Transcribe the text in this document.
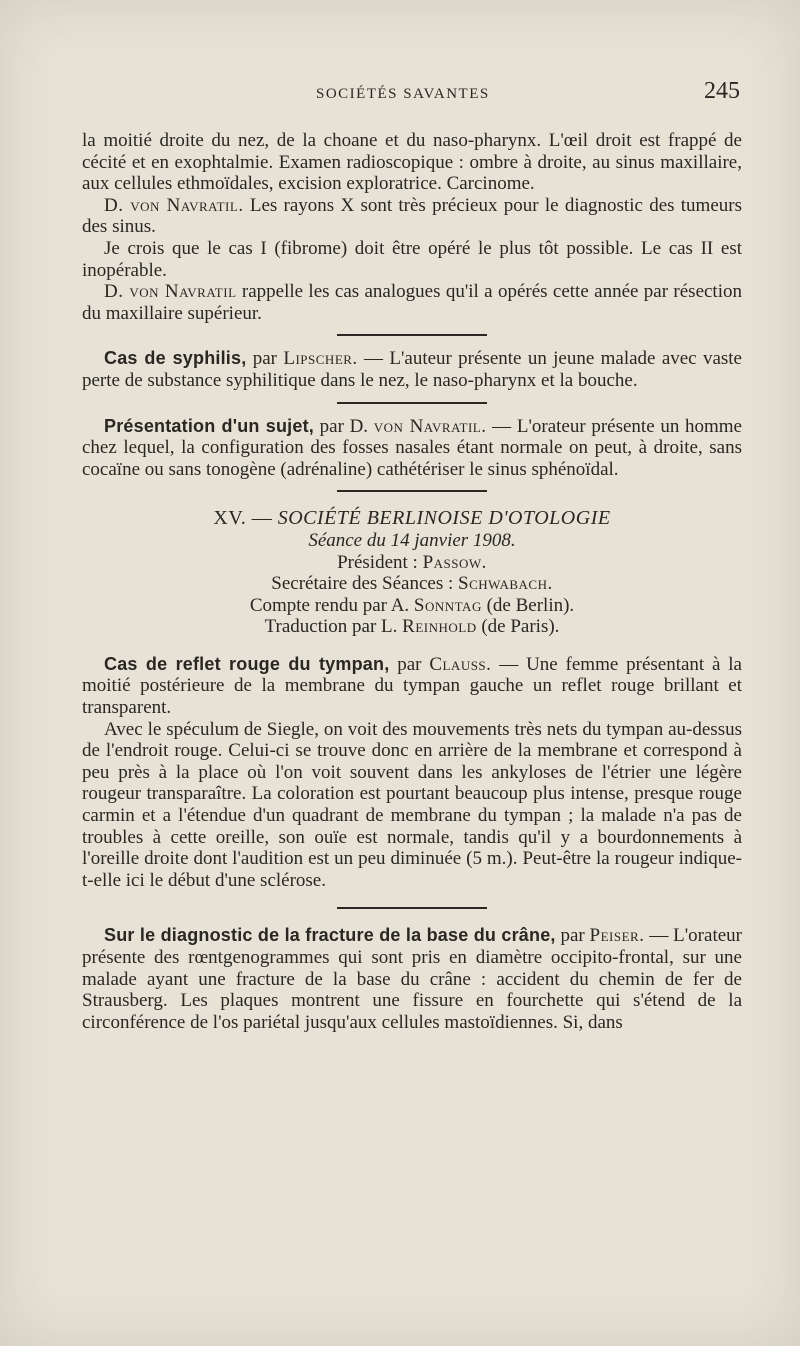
SOCIÉTÉS SAVANTES	245

la moitié droite du nez, de la choane et du naso-pharynx. L'œil droit est frappé de cécité et en exophtalmie. Examen radioscopique : ombre à droite, au sinus maxillaire, aux cellules ethmoïdales, excision exploratrice. Carcinome.

D. von Navratil. Les rayons X sont très précieux pour le diagnostic des tumeurs des sinus.

Je crois que le cas I (fibrome) doit être opéré le plus tôt possible. Le cas II est inopérable.

D. von Navratil rappelle les cas analogues qu'il a opérés cette année par résection du maxillaire supérieur.

Cas de syphilis, par Lipscher. — L'auteur présente un jeune malade avec vaste perte de substance syphilitique dans le nez, le naso-pharynx et la bouche.

Présentation d'un sujet, par D. von Navratil. — L'orateur présente un homme chez lequel, la configuration des fosses nasales étant normale on peut, à droite, sans cocaïne ou sans tonogène (adrénaline) cathétériser le sinus sphénoïdal.

XV. — SOCIÉTÉ BERLINOISE D'OTOLOGIE
Séance du 14 janvier 1908.
Président : Passow.
Secrétaire des Séances : Schwabach.
Compte rendu par A. Sonntag (de Berlin).
Traduction par L. Reinhold (de Paris).

Cas de reflet rouge du tympan, par Clauss. — Une femme présentant à la moitié postérieure de la membrane du tympan gauche un reflet rouge brillant et transparent.

Avec le spéculum de Siegle, on voit des mouvements très nets du tympan au-dessus de l'endroit rouge. Celui-ci se trouve donc en arrière de la membrane et correspond à peu près à la place où l'on voit souvent dans les ankyloses de l'étrier une légère rougeur transparaître. La coloration est pourtant beaucoup plus intense, presque rouge carmin et a l'étendue d'un quadrant de membrane du tympan ; la malade n'a pas de troubles à cette oreille, son ouïe est normale, tandis qu'il y a bourdonnements à l'oreille droite dont l'audition est un peu diminuée (5 m.). Peut-être la rougeur indique-t-elle ici le début d'une sclérose.

Sur le diagnostic de la fracture de la base du crâne, par Peiser. — L'orateur présente des rœntgenogrammes qui sont pris en diamètre occipito-frontal, sur une malade ayant une fracture de la base du crâne : accident du chemin de fer de Strausberg. Les plaques montrent une fissure en fourchette qui s'étend de la circonférence de l'os pariétal jusqu'aux cellules mastoïdiennes. Si, dans
